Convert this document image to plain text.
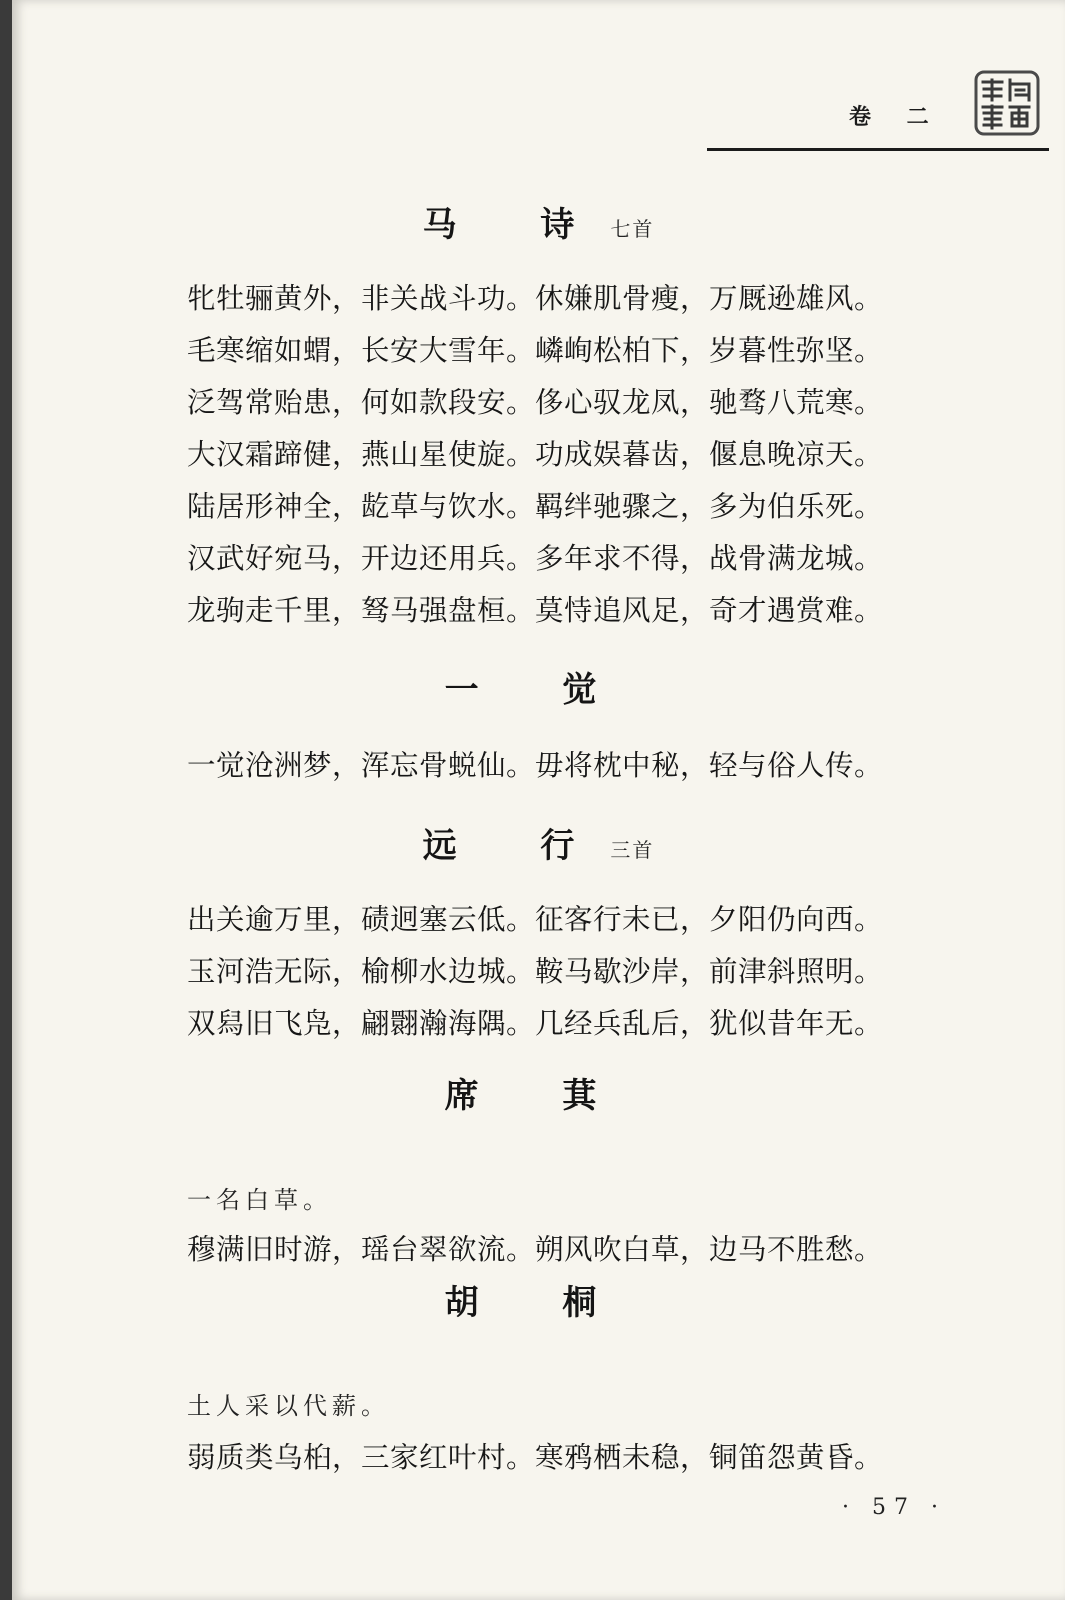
卷 二
马 诗七首
牝牡骊黄外，非关战斗功。休嫌肌骨瘦，万厩逊雄风。
毛寒缩如蝟，长安大雪年。嶙峋松柏下，岁暮性弥坚。
泛驾常贻患，何如款段安。侈心驭龙凤，驰骛八荒寒。
大汉霜蹄健，燕山星使旋。功成娱暮齿，偃息晚凉天。
陆居形神全，龁草与饮水。羁绊驰骤之，多为伯乐死。
汉武好宛马，开边还用兵。多年求不得，战骨满龙城。
龙驹走千里，驽马强盘桓。莫恃追风足，奇才遇赏难。
一 觉
一觉沧洲梦，浑忘骨蜕仙。毋将枕中秘，轻与俗人传。
远 行三首
出关逾万里，碛迥塞云低。征客行未已，夕阳仍向西。
玉河浩无际，榆柳水边城。鞍马歇沙岸，前津斜照明。
双舄旧飞凫，翩翾瀚海隅。几经兵乱后，犹似昔年无。
席 萁
一名白草。
穆满旧时游，瑶台翠欲流。朔风吹白草，边马不胜愁。
胡 桐
土人采以代薪。
弱质类乌桕，三家红叶村。寒鸦栖未稳，铜笛怨黄昏。
· 57 ·
